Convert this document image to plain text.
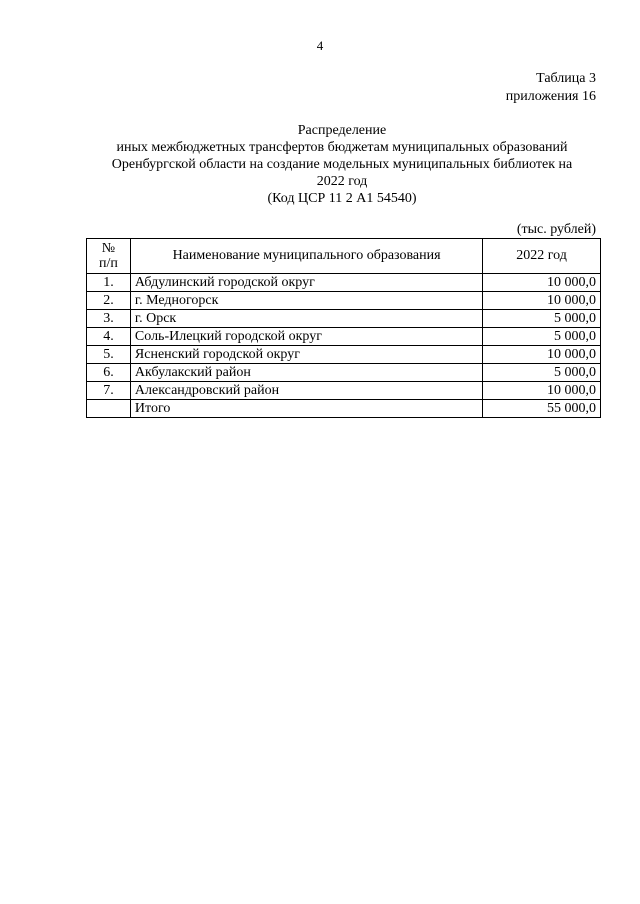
4
Таблица 3
приложения 16
Распределение
иных межбюджетных трансфертов бюджетам муниципальных образований
Оренбургской области на создание модельных муниципальных библиотек на
2022 год
(Код ЦСР 11 2 А1 54540)
(тыс. рублей)
№
п/п	Наименование муниципального образования	2022 год
1.	Абдулинский городской округ	10 000,0
2.	г. Медногорск	10 000,0
3.	г. Орск	5 000,0
4.	Соль-Илецкий городской округ	5 000,0
5.	Ясненский городской округ	10 000,0
6.	Акбулакский район	5 000,0
7.	Александровский район	10 000,0
	Итого	55 000,0
